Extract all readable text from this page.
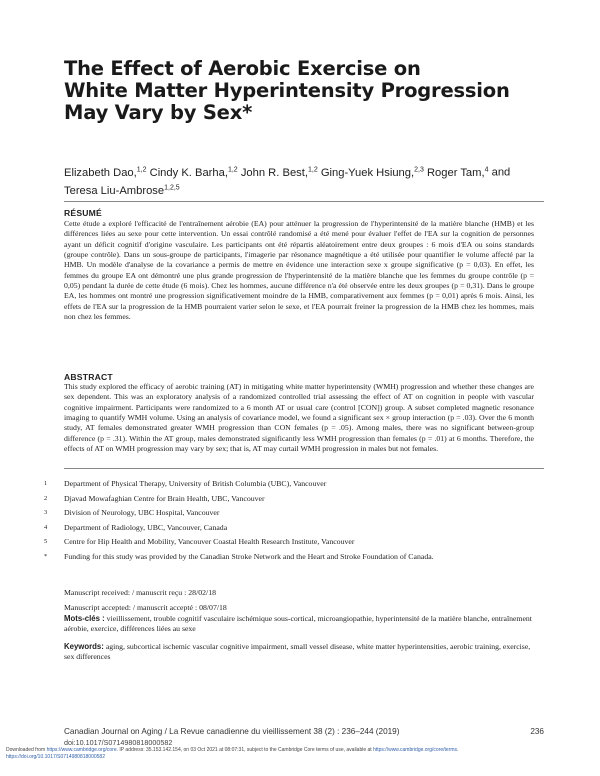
The Effect of Aerobic Exercise on
White Matter Hyperintensity Progression
May Vary by Sex*
Elizabeth Dao,$^{1,2}$ Cindy K. Barha,$^{1,2}$ John R. Best,$^{1,2}$ Ging-Yuek Hsiung,$^{2,3}$ Roger Tam,$^4$ and
Teresa Liu-Ambrose$^{1,2,5}$
RÉSUMÉ

Cette étude a exploré l'efficacité de l'entraînement aérobie (EA) pour atténuer la progression de l'hyperintensité de la matière blanche (HMB) et les différences liées au sexe pour cette intervention. Un essai contrôlé randomisé a été mené pour évaluer l'effet de l'EA sur la cognition de personnes ayant un déficit cognitif d'origine vasculaire. Les participants ont été répartis aléatoirement entre deux groupes : 6 mois d'EA ou soins standards (groupe contrôle). Dans un sous-groupe de participants, l'imagerie par résonance magnétique a été utilisée pour quantifier le volume affecté par la HMB. Un modèle d'analyse de la covariance a permis de mettre en évidence une interaction sexe x groupe significative (p = 0,03). En effet, les femmes du groupe EA ont démontré une plus grande progression de l'hyperintensité de la matière blanche que les femmes du groupe contrôle (p = 0,05) pendant la durée de cette étude (6 mois). Chez les hommes, aucune différence n'a été observée entre les deux groupes (p = 0,31). Dans le groupe EA, les hommes ont montré une progression significativement moindre de la HMB, comparativement aux femmes (p = 0,01) après 6 mois. Ainsi, les effets de l'EA sur la progression de la HMB pourraient varier selon le sexe, et l'EA pourrait freiner la progression de la HMB chez les hommes, mais non chez les femmes.

ABSTRACT

This study explored the efficacy of aerobic training (AT) in mitigating white matter hyperintensity (WMH) progression and whether these changes are sex dependent. This was an exploratory analysis of a randomized controlled trial assessing the effect of AT on cognition in people with vascular cognitive impairment. Participants were randomized to a 6 month AT or usual care (control [CON]) group. A subset completed magnetic resonance imaging to quantify WMH volume. Using an analysis of covariance model, we found a significant sex × group interaction (p = .03). Over the 6 month study, AT females demonstrated greater WMH progression than CON females (p = .05). Among males, there was no significant between-group difference (p = .31). Within the AT group, males demonstrated significantly less WMH progression than females (p = .01) at 6 months. Therefore, the effects of AT on WMH progression may vary by sex; that is, AT may curtail WMH progression in males but not females.

1	Department of Physical Therapy, University of British Columbia (UBC), Vancouver
2	Djavad Mowafaghian Centre for Brain Health, UBC, Vancouver
3	Division of Neurology, UBC Hospital, Vancouver
4	Department of Radiology, UBC, Vancouver, Canada
5	Centre for Hip Health and Mobility, Vancouver Coastal Health Research Institute, Vancouver
*	Funding for this study was provided by the Canadian Stroke Network and the Heart and Stroke Foundation of Canada.
Manuscript received: / manuscrit reçu : 28/02/18
Manuscript accepted: / manuscrit accepté : 08/07/18
Mots-clés : vieillissement, trouble cognitif vasculaire ischémique sous-cortical, microangiopathie, hyperintensité de la matière blanche, entraînement aérobie, exercice, différences liées au sexe
Keywords: aging, subcortical ischemic vascular cognitive impairment, small vessel disease, white matter hyperintensities, aerobic training, exercise, sex differences
Canadian Journal on Aging / La Revue canadienne du vieillissement 38 (2) : 236–244 (2019)	236
doi:10.1017/S0714980818000582
Downloaded from https://www.cambridge.org/core. IP address: 35.153.142.154, on 03 Oct 2021 at 08:07:31, subject to the Cambridge Core terms of use, available at https://www.cambridge.org/core/terms.
https://doi.org/10.1017/S0714980818000582
